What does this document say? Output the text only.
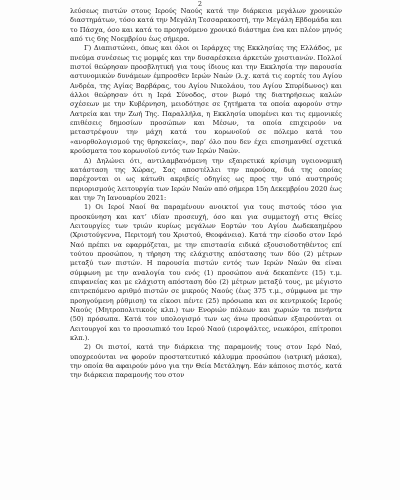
2

λεύσεως πιστών στους Ιερούς Ναούς κατά την διάρκεια μεγάλων χρονικών διαστημάτων, τόσο κατά την Μεγάλη Τεσσαρακοστή, την Μεγάλη Εβδομάδα και το Πάσχα, όσο και κατά το προηγούμενο χρονικό διάστημα ένα και πλέον μηνός από τις 6ης Νοεμβρίου έως σήμερα.

Γ) Διαπιστώνει, όπως και όλοι οι Ιεράρχες της Εκκλησίας της Ελλάδος, με πνεύμα συνέσεως τις μομφές και την δυσαρέσκεια άρκετών χριστιανών. Πολλοί πιστοί θεώρησαν προσβλητική για τους ίδιους και την Εκκλησία την παρουσία αστυνομικών δυνάμεων έμπροσθεν Ιερών Ναών (λ.χ. κατά τις εορτές του Αγίου Ανδρέα, της Αγίας Βαρβάρας, του Αγίου Νικολάου, του Αγίου Σπυρίδωνος) και άλλοι θεώρησαν ότι η Ιερά Σύνοδος, στον βωμό της διατηρήσεως καλών σχέσεων με την Κυβέρνηση, μειοδότησε σε ζητήματα τα οποία αφορούν στην Λατρεία και την Ζωή Της. Παραλλήλα, η Εκκλησία υπομένει και τις εμμονικές επιθέσεις δημοσίων προσώπων και Μέσων, τα οποία επιχειρούν να μεταστρέψουν την μάχη κατά του κορωνοϊού σε πόλεμο κατά του «ανορθολογισμού της θρησκείας», παρ’ όλο που δεν έχει επισημανθεί σχετικά κρούσματα του κορωνοϊού εντός των Ιερών Ναών.

Δ) Δηλώνει ότι, αντιλαμβανόμενη την εξαιρετικά κρίσιμη υγειονομική κατάσταση της Χώρας, Σας αποστέλλει την παρούσα, διά της οποίας παρέχονται οι ως κάτωθι ακριβείς οδηγίες ως προς την υπό αυστηρούς περιορισμούς λειτουργία των Ιερών Ναών από σήμερα 15η Δεκεμβρίου 2020 έως και την 7η Ιανουαρίου 2021:

1) Οι Ιεροί Ναοί θα παραμένουν ανοικτοί για τους πιστούς τόσο για προσκύνηση και κατ’ ιδίαν προσευχή, όσο και για συμμετοχή στις Θείες Λειτουργίες των τριών κυρίως μεγάλων Εορτών του Αγίου Δωδεκαημέρου (Χριστούγεννα, Περιτομή του Χριστού, Θεοφάνεια). Κατά την είσοδο στον Ιερό Ναό πρέπει να εφαρμόζεται, με την επιστασία ειδικά εξουσιοδοτηθέντος επί τούτου προσώπου, η τήρηση της ελάχιστης απόστασης των δύο (2) μέτρων μεταξύ των πιστών. Η παρουσία πιστών εντός των Ιερών Ναών θα είναι σύμφωνη με την αναλογία του ενός (1) προσώπου ανά δεκαπέντε (15) τ.μ. επιφανείας και με ελάχιστη απόσταση δύο (2) μέτρων μεταξύ τους, με μέγιστο επιτρεπόμενο αριθμό πιστών σε μικρούς Ναούς (έως 375 τ.μ., σύμφωνα με την προηγούμενη ρύθμιση) τα είκοσι πέντε (25) πρόσωπα και σε κεντρικούς Ιερούς Ναούς (Μητροπολιτικούς κλπ.) των Ενοριών πόλεων και χωριών τα πενήντα (50) πρόσωπα. Κατά τον υπολογισμό των ως άνω προσώπων εξαιρούνται οι Λειτουργοί και το προσωπικό του Ιερού Ναού (ιεροψάλτες, νεωκόροι, επίτροποι κλπ.).

2) Οι πιστοί, κατά την διάρκεια της παραμονής τους στον Ιερό Ναό, υποχρεούνται να φορούν προστατευτικό κάλυμμα προσώπου (ιατρική μάσκα), την οποία θα αφαιρούν μόνο για την Θεία Μετάληψη. Εάν κάποιος πιστός, κατά την διάρκεια παραμονής του στον
